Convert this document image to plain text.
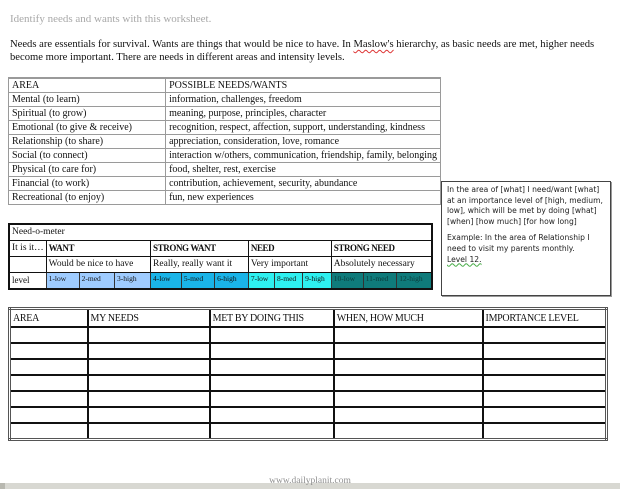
Identify needs and wants with this worksheet.
Needs are essentials for survival. Wants are things that would be nice to have. In Maslow's hierarchy, as basic needs are met, higher needs become more important. There are needs in different areas and intensity levels.
AREA	POSSIBLE NEEDS/WANTS
Mental (to learn)	information, challenges, freedom
Spiritual (to grow)	meaning, purpose, principles, character
Emotional (to give & receive)	recognition, respect, affection, support, understanding, kindness
Relationship (to share)	appreciation, consideration, love, romance
Social (to connect)	interaction w/others, communication, friendship, family, belonging
Physical (to care for)	food, shelter, rest, exercise
Financial (to work)	contribution, achievement, security, abundance
Recreational (to enjoy)	fun, new experiences
Need-o-meter												
It is it…	WANT			STRONG WANT			NEED			STRONG NEED		
	Would be nice to have			Really, really want it			Very important			Absolutely necessary		
level	1-low	2-med	3-high	4-low	5-med	6-high	7-low	8-med	9-high	10-low	11-med	12-high

In the area of [what] I need/want [what] at an importance level of [high, medium, low], which will be met by doing [what] [when] [how much] [for how long]

Example: In the area of Relationship I need to visit my parents monthly.
Level 12.

AREA	MY NEEDS	MET BY DOING THIS	WHEN, HOW MUCH	IMPORTANCE LEVEL

www.dailyplanit.com
